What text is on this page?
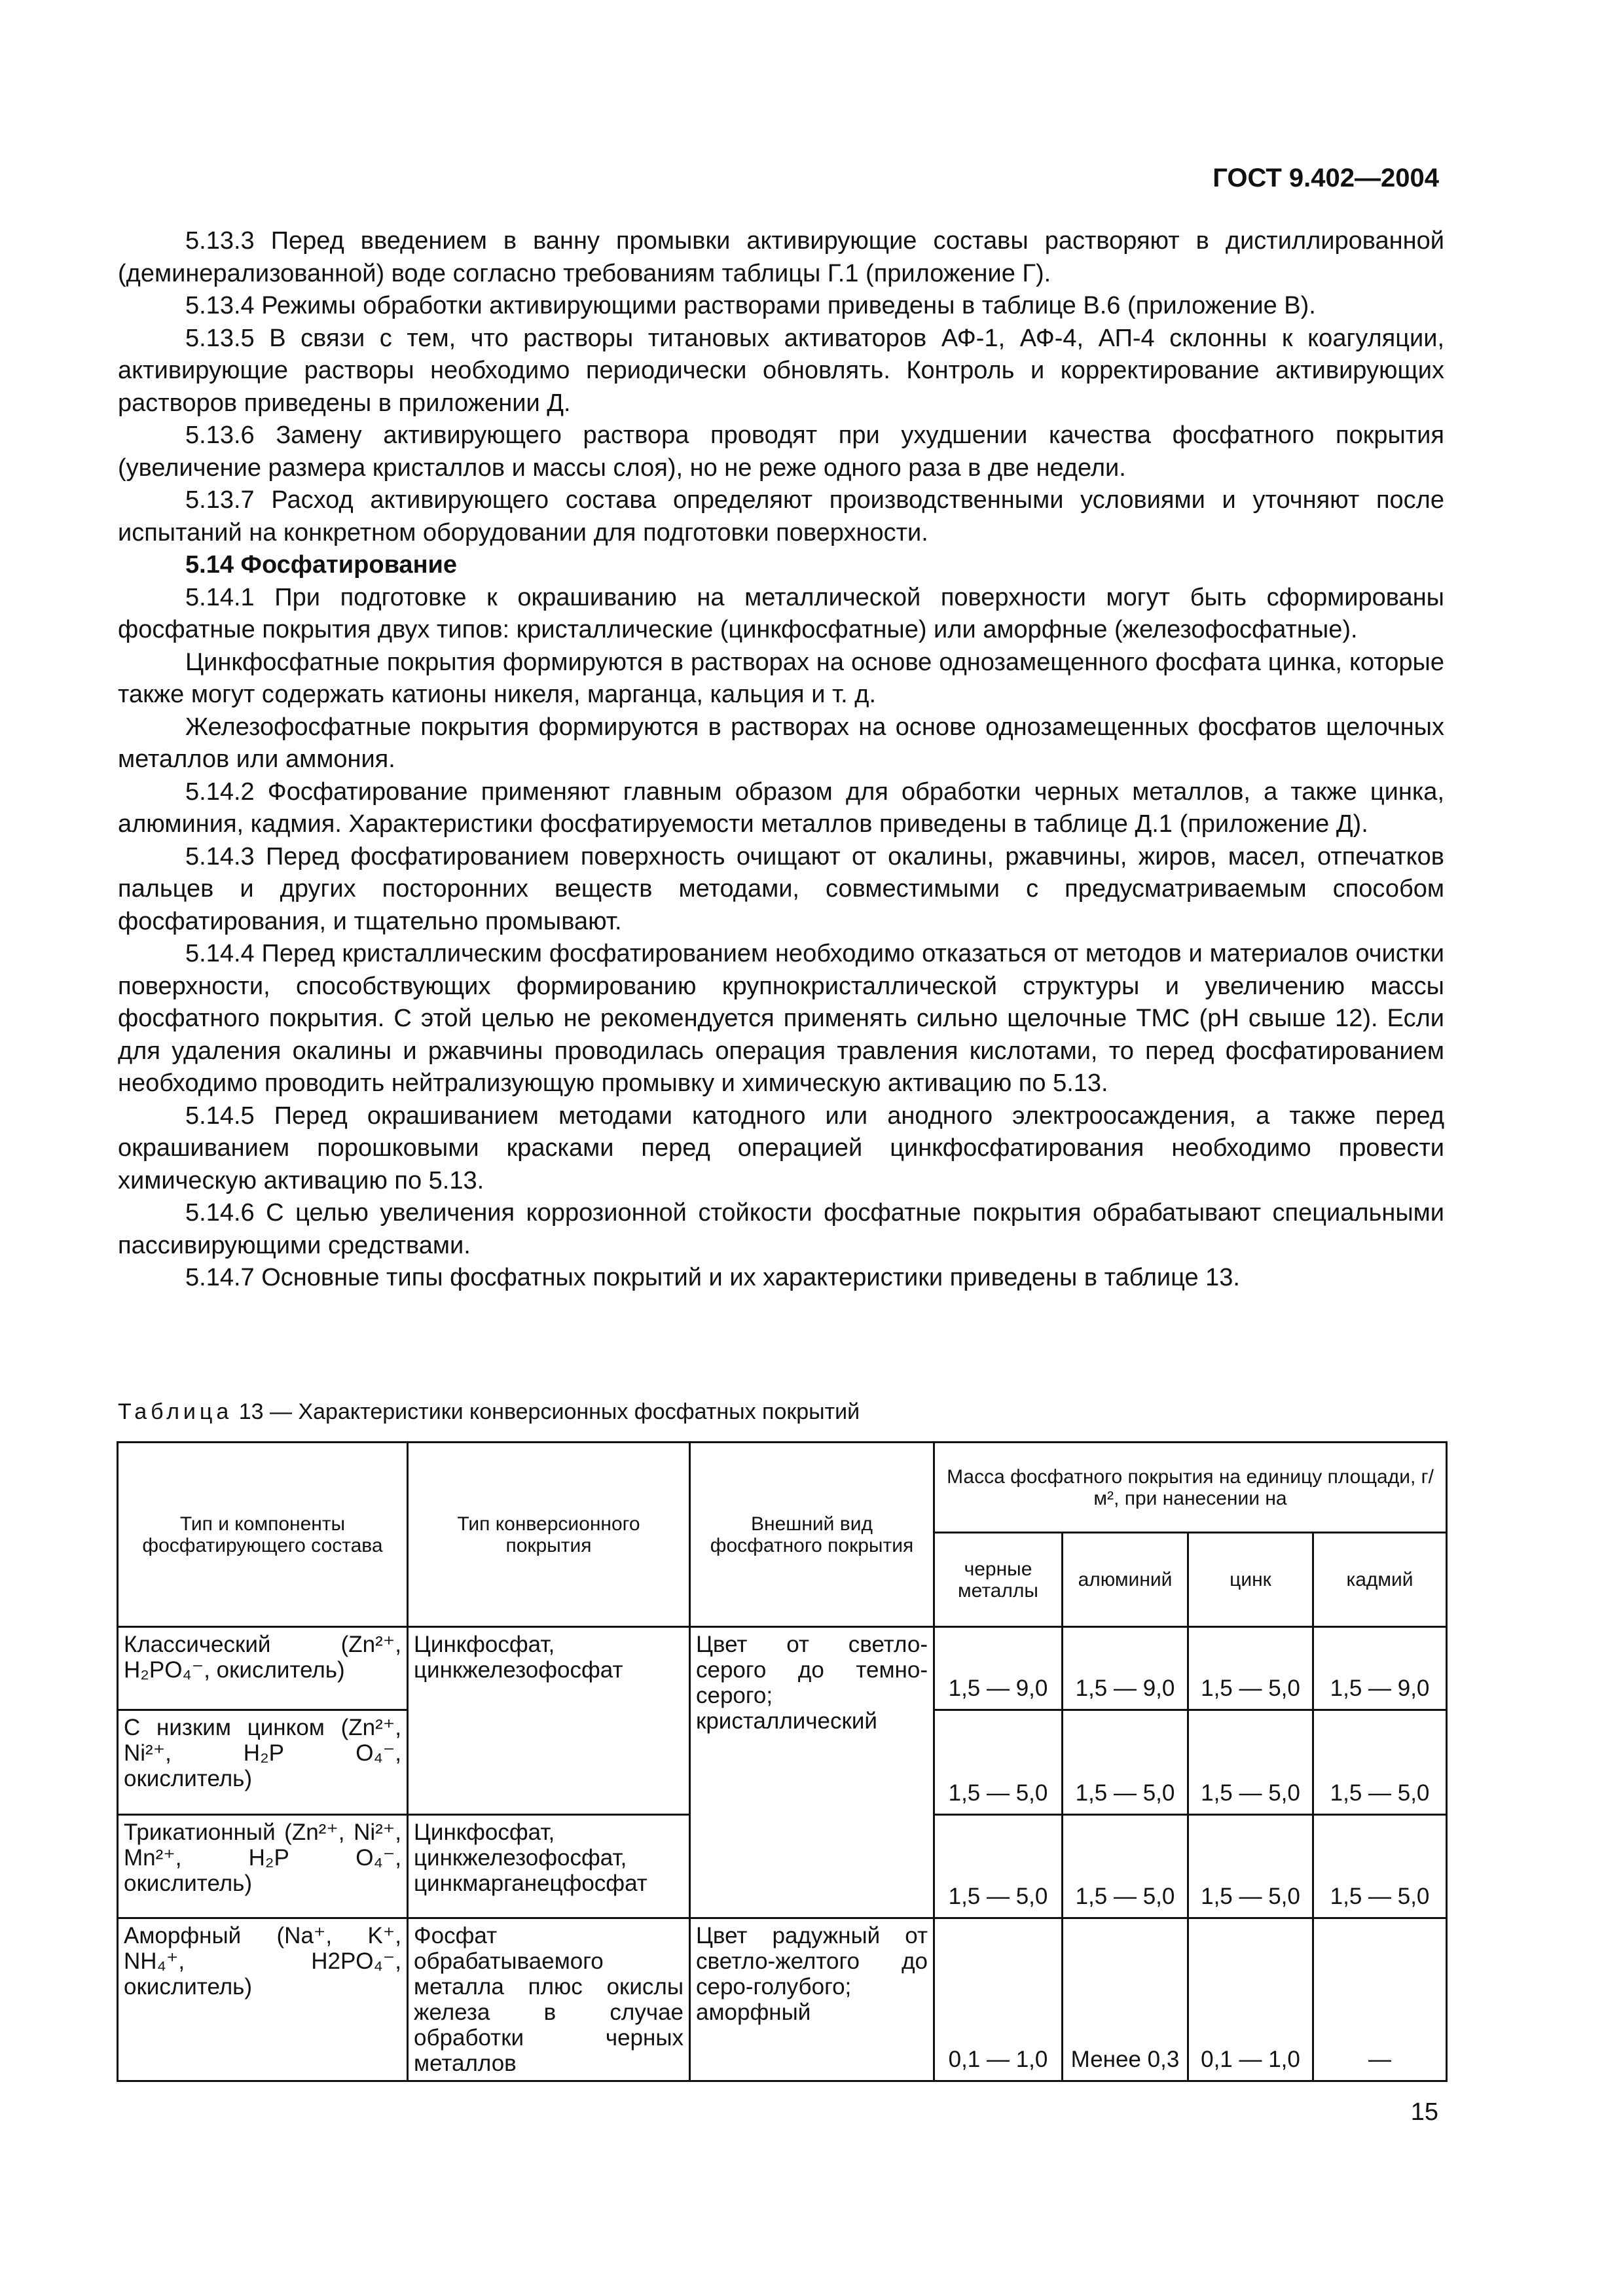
ГОСТ 9.402—2004

5.13.3 Перед введением в ванну промывки активирующие составы растворяют в дистиллированной (деминерализованной) воде согласно требованиям таблицы Г.1 (приложение Г).

5.13.4 Режимы обработки активирующими растворами приведены в таблице В.6 (приложение В).

5.13.5 В связи с тем, что растворы титановых активаторов АФ-1, АФ-4, АП-4 склонны к коагуляции, активирующие растворы необходимо периодически обновлять. Контроль и корректирование активирующих растворов приведены в приложении Д.

5.13.6 Замену активирующего раствора проводят при ухудшении качества фосфатного покрытия (увеличение размера кристаллов и массы слоя), но не реже одного раза в две недели.

5.13.7 Расход активирующего состава определяют производственными условиями и уточняют после испытаний на конкретном оборудовании для подготовки поверхности.

5.14 Фосфатирование

5.14.1 При подготовке к окрашиванию на металлической поверхности могут быть сформированы фосфатные покрытия двух типов: кристаллические (цинкфосфатные) или аморфные (железофосфатные).

Цинкфосфатные покрытия формируются в растворах на основе однозамещенного фосфата цинка, которые также могут содержать катионы никеля, марганца, кальция и т. д.

Железофосфатные покрытия формируются в растворах на основе однозамещенных фосфатов щелочных металлов или аммония.

5.14.2 Фосфатирование применяют главным образом для обработки черных металлов, а также цинка, алюминия, кадмия. Характеристики фосфатируемости металлов приведены в таблице Д.1 (приложение Д).

5.14.3 Перед фосфатированием поверхность очищают от окалины, ржавчины, жиров, масел, отпечатков пальцев и других посторонних веществ методами, совместимыми с предусматриваемым способом фосфатирования, и тщательно промывают.

5.14.4 Перед кристаллическим фосфатированием необходимо отказаться от методов и материалов очистки поверхности, способствующих формированию крупнокристаллической структуры и увеличению массы фосфатного покрытия. С этой целью не рекомендуется применять сильно щелочные ТМС (pH свыше 12). Если для удаления окалины и ржавчины проводилась операция травления кислотами, то перед фосфатированием необходимо проводить нейтрализующую промывку и химическую активацию по 5.13.

5.14.5 Перед окрашиванием методами катодного или анодного электроосаждения, а также перед окрашиванием порошковыми красками перед операцией цинкфосфатирования необходимо провести химическую активацию по 5.13.

5.14.6 С целью увеличения коррозионной стойкости фосфатные покрытия обрабатывают специальными пассивирующими средствами.

5.14.7 Основные типы фосфатных покрытий и их характеристики приведены в таблице 13.

Таблица 13 — Характеристики конверсионных фосфатных покрытий
Тип и компоненты фосфатирующего состава	Тип конверсионного покрытия	Внешний вид фосфатного покрытия	Масса фосфатного покрытия на единицу площади, г/м², при нанесении на			
			черные металлы	алюминий	цинк	кадмий
Классический (Zn²⁺, H₂PO₄⁻, окислитель)	Цинкфосфат, цинкжелезофосфат	Цвет от светло-серого до темно-серого; кристаллический	1,5 — 9,0	1,5 — 9,0	1,5 — 5,0	1,5 — 9,0
С низким цинком (Zn²⁺, Ni²⁺, H₂P O₄⁻, окислитель)			1,5 — 5,0	1,5 — 5,0	1,5 — 5,0	1,5 — 5,0
Трикатионный (Zn²⁺, Ni²⁺, Mn²⁺, H₂P O₄⁻, окислитель)	Цинкфосфат, цинкжелезофосфат, цинкмарганецфосфат		1,5 — 5,0	1,5 — 5,0	1,5 — 5,0	1,5 — 5,0
Аморфный (Na⁺, K⁺, NH₄⁺, H2PO₄⁻, окислитель)	Фосфат обрабатываемого металла плюс окислы железа в случае обработки черных металлов	Цвет радужный от светло-желтого до серо-голубого; аморфный	0,1 — 1,0	Менее 0,3	0,1 — 1,0	—
15
